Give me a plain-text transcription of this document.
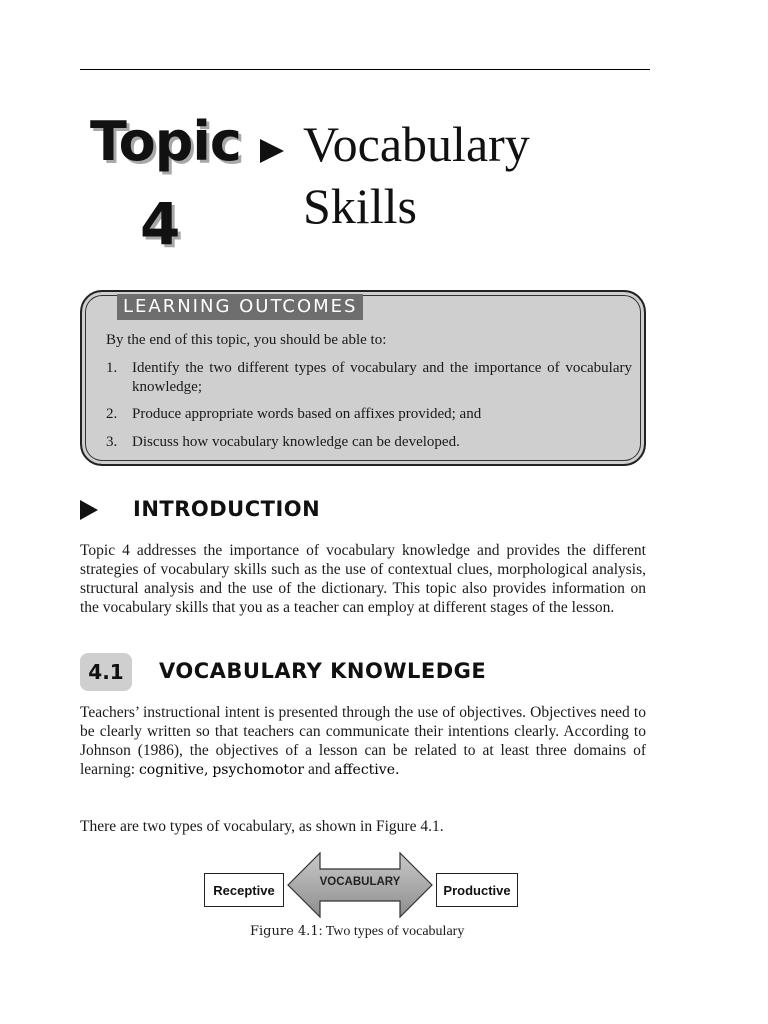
Topic
4
Vocabulary
Skills
LEARNING OUTCOMES
By the end of this topic, you should be able to:
1. Identify the two different types of vocabulary and the importance of vocabulary knowledge;
2. Produce appropriate words based on affixes provided; and
3. Discuss how vocabulary knowledge can be developed.
INTRODUCTION
Topic 4 addresses the importance of vocabulary knowledge and provides the different strategies of vocabulary skills such as the use of contextual clues, morphological analysis, structural analysis and the use of the dictionary. This topic also provides information on the vocabulary skills that you as a teacher can employ at different stages of the lesson.
4.1	VOCABULARY KNOWLEDGE
Teachers’ instructional intent is presented through the use of objectives. Objectives need to be clearly written so that teachers can communicate their intentions clearly. According to Johnson (1986), the objectives of a lesson can be related to at least three domains of learning: cognitive, psychomotor and affective.
There are two types of vocabulary, as shown in Figure 4.1.
Receptive
VOCABULARY
Productive
Figure 4.1: Two types of vocabulary
